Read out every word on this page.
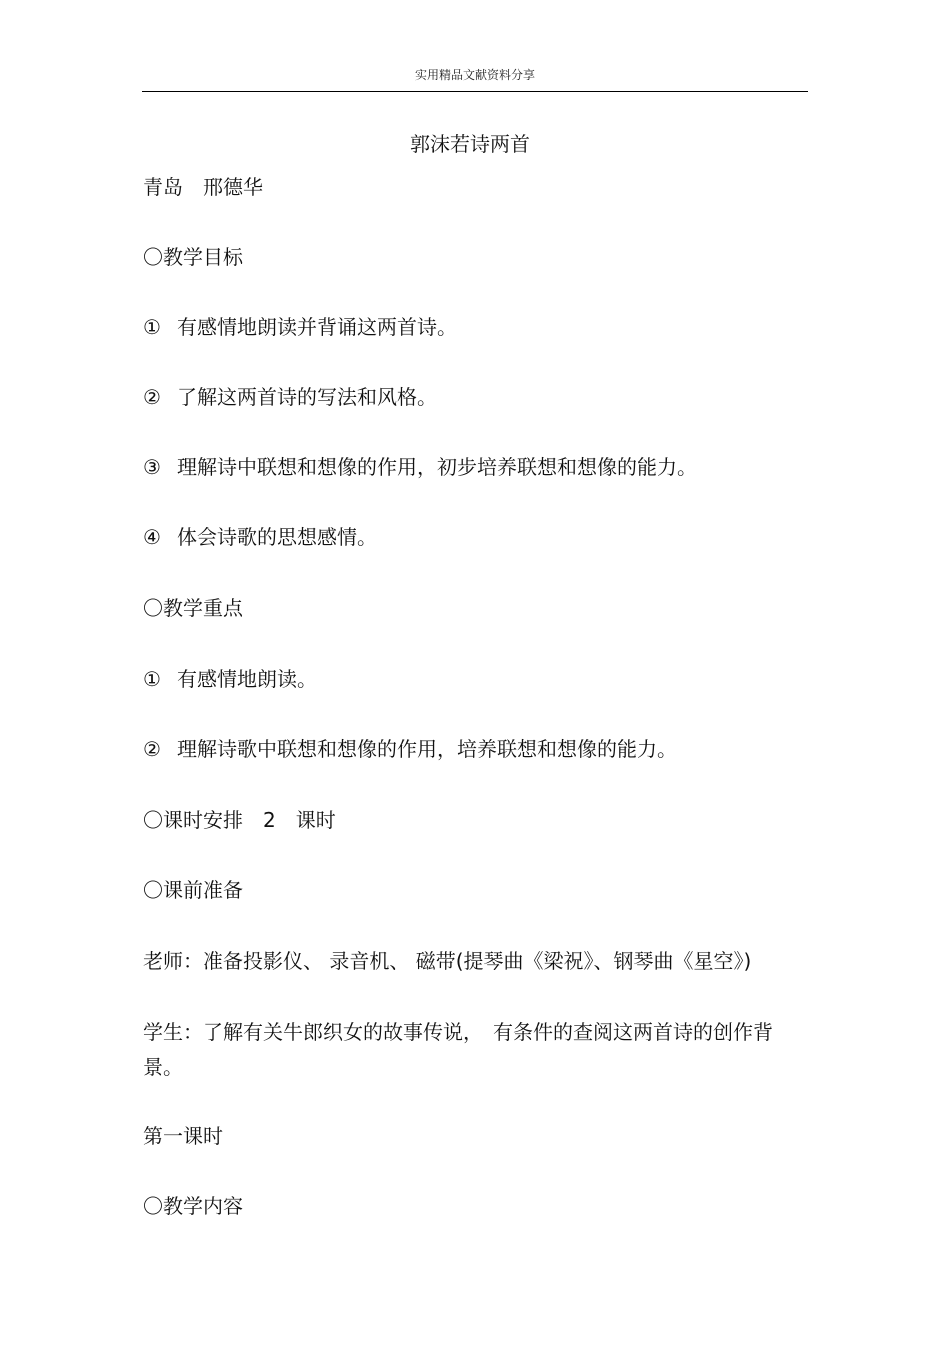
实用精品文献资料分享
郭沫若诗两首
青岛　邢德华
〇教学目标
① 有感情地朗读并背诵这两首诗。
② 了解这两首诗的写法和风格。
③ 理解诗中联想和想像的作用，初步培养联想和想像的能力。
④ 体会诗歌的思想感情。
〇教学重点
① 有感情地朗读。
② 理解诗歌中联想和想像的作用，培养联想和想像的能力。
〇课时安排　2　课时
〇课前准备
老师：准备投影仪、 录音机、 磁带(提琴曲《梁祝》、钢琴曲《星空》)
学生：了解有关牛郎织女的故事传说，　有条件的查阅这两首诗的创作背景。
第一课时
〇教学内容
